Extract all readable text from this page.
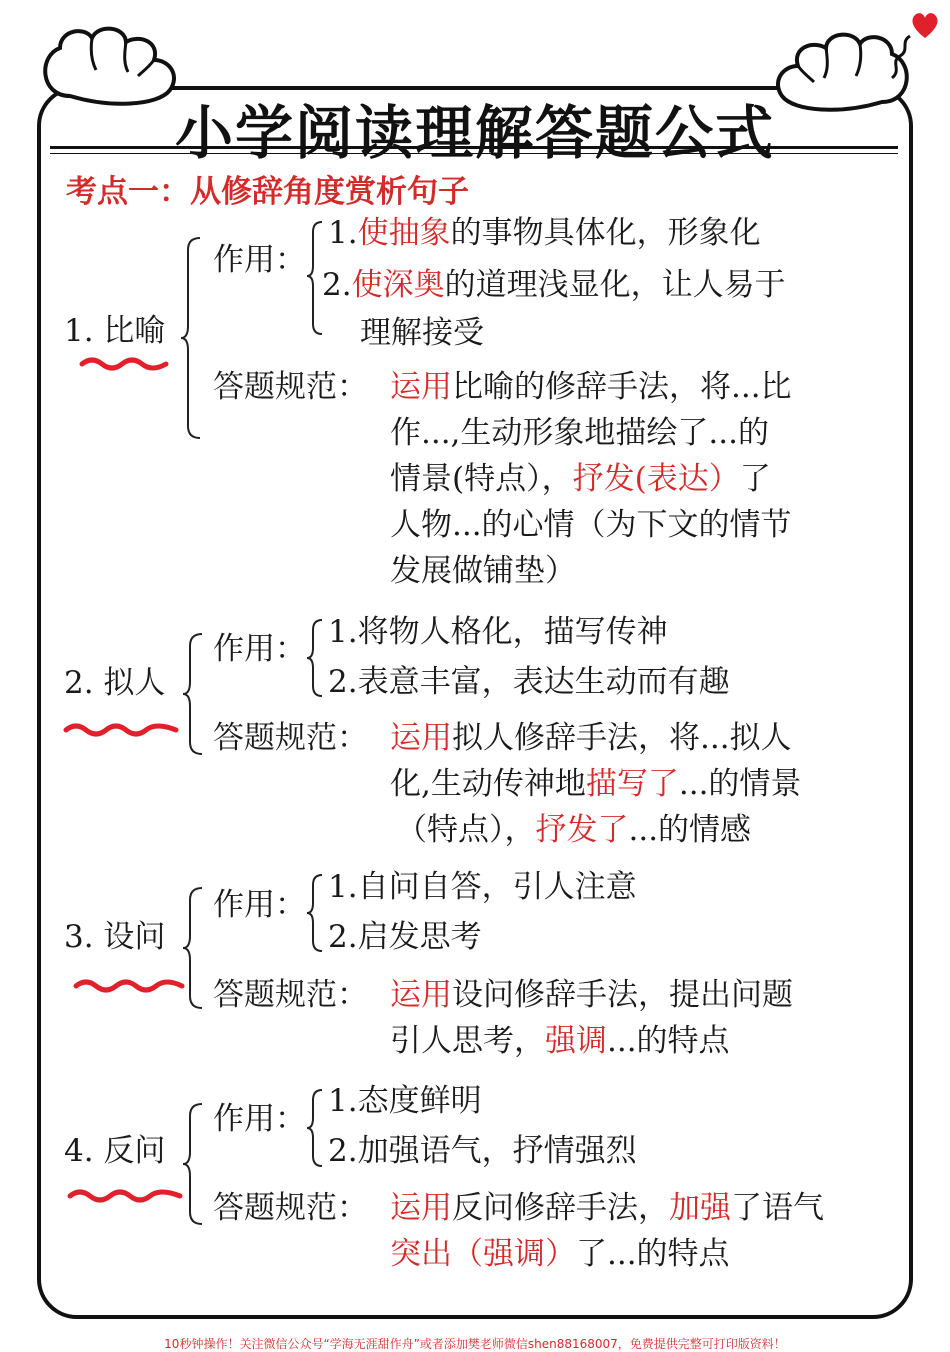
小学阅读理解答题公式
考点一：从修辞角度赏析句子
1. 比喻
作用：
1.使抽象的事物具体化，形象化
2.使深奥的道理浅显化，让人易于
理解接受
答题规范： 运用比喻的修辞手法，将...比
作...,生动形象地描绘了...的
情景(特点），抒发(表达）了
人物...的心情（为下文的情节
发展做铺垫）
2. 拟人
作用： 1.将物人格化，描写传神
2.表意丰富，表达生动而有趣
答题规范： 运用拟人修辞手法，将...拟人
化,生动传神地描写了...的情景
（特点），抒发了...的情感
3. 设问
作用： 1.自问自答，引人注意
2.启发思考
答题规范： 运用设问修辞手法，提出问题
引人思考，强调...的特点
4. 反问
作用： 1.态度鲜明
2.加强语气，抒情强烈
答题规范： 运用反问修辞手法，加强了语气
突出（强调）了...的特点
10秒钟操作！关注微信公众号“学海无涯甜作舟”或者添加樊老师微信shen88168007，免费提供完整可打印版资料！
